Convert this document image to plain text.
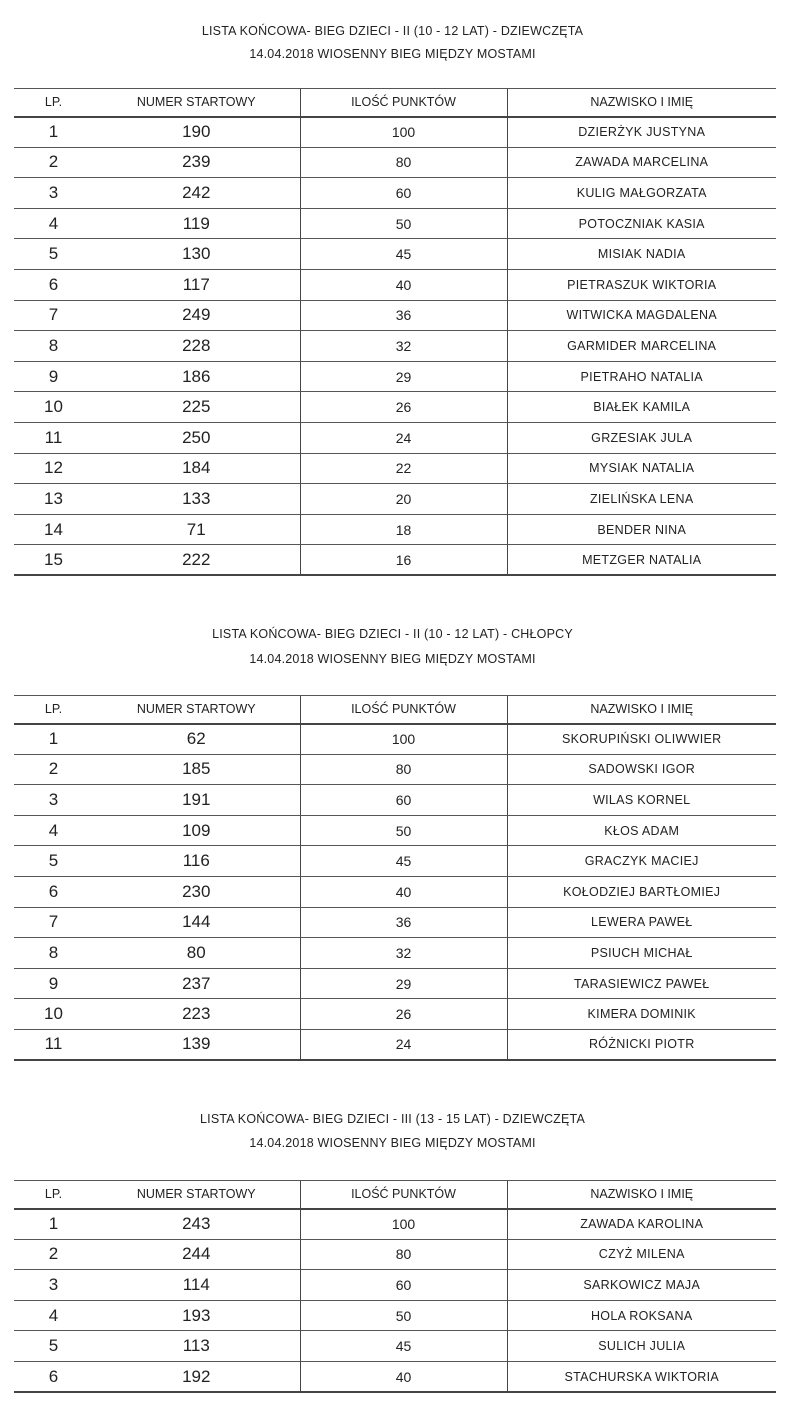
LISTA KOŃCOWA- BIEG DZIECI - II (10 - 12 LAT) - DZIEWCZĘTA
14.04.2018 WIOSENNY BIEG MIĘDZY MOSTAMI
LP.	NUMER STARTOWY	ILOŚĆ PUNKTÓW	NAZWISKO I IMIĘ
1	190	100	DZIERŻYK JUSTYNA
2	239	80	ZAWADA MARCELINA
3	242	60	KULIG MAŁGORZATA
4	119	50	POTOCZNIAK KASIA
5	130	45	MISIAK NADIA
6	117	40	PIETRASZUK WIKTORIA
7	249	36	WITWICKA MAGDALENA
8	228	32	GARMIDER MARCELINA
9	186	29	PIETRAHO NATALIA
10	225	26	BIAŁEK KAMILA
11	250	24	GRZESIAK JULA
12	184	22	MYSIAK NATALIA
13	133	20	ZIELIŃSKA LENA
14	71	18	BENDER NINA
15	222	16	METZGER NATALIA
LISTA KOŃCOWA- BIEG DZIECI - II (10 - 12 LAT) - CHŁOPCY
14.04.2018 WIOSENNY BIEG MIĘDZY MOSTAMI
LP.	NUMER STARTOWY	ILOŚĆ PUNKTÓW	NAZWISKO I IMIĘ
1	62	100	SKORUPIŃSKI OLIWWIER
2	185	80	SADOWSKI IGOR
3	191	60	WILAS KORNEL
4	109	50	KŁOS ADAM
5	116	45	GRACZYK MACIEJ
6	230	40	KOŁODZIEJ BARTŁOMIEJ
7	144	36	LEWERA PAWEŁ
8	80	32	PSIUCH MICHAŁ
9	237	29	TARASIEWICZ PAWEŁ
10	223	26	KIMERA DOMINIK
11	139	24	RÓŻNICKI PIOTR
LISTA KOŃCOWA- BIEG DZIECI - III (13 - 15 LAT) - DZIEWCZĘTA
14.04.2018 WIOSENNY BIEG MIĘDZY MOSTAMI
LP.	NUMER STARTOWY	ILOŚĆ PUNKTÓW	NAZWISKO I IMIĘ
1	243	100	ZAWADA KAROLINA
2	244	80	CZYŻ MILENA
3	114	60	SARKOWICZ MAJA
4	193	50	HOLA ROKSANA
5	113	45	SULICH JULIA
6	192	40	STACHURSKA WIKTORIA
